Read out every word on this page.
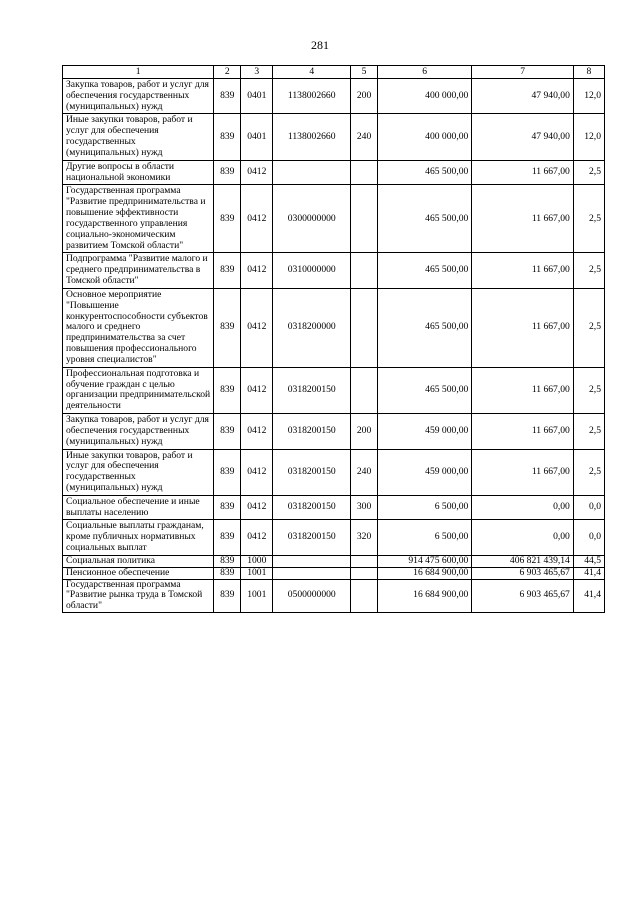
281
1	2	3	4	5	6	7	8
Закупка товаров, работ и услуг для обеспечения государственных (муниципальных) нужд	839	0401	1138002660	200	400 000,00	47 940,00	12,0
Иные закупки товаров, работ и услуг для обеспечения государственных (муниципальных) нужд	839	0401	1138002660	240	400 000,00	47 940,00	12,0
Другие вопросы в области национальной экономики	839	0412			465 500,00	11 667,00	2,5
Государственная программа "Развитие предпринимательства и повышение эффективности государственного управления социально-экономическим развитием Томской области"	839	0412	0300000000		465 500,00	11 667,00	2,5
Подпрограмма "Развитие малого и среднего предпринимательства в Томской области"	839	0412	0310000000		465 500,00	11 667,00	2,5
Основное мероприятие "Повышение конкурентоспособности субъектов малого и среднего предпринимательства за счет повышения профессионального уровня специалистов"	839	0412	0318200000		465 500,00	11 667,00	2,5
Профессиональная подготовка и обучение граждан с целью организации предпринимательской деятельности	839	0412	0318200150		465 500,00	11 667,00	2,5
Закупка товаров, работ и услуг для обеспечения государственных (муниципальных) нужд	839	0412	0318200150	200	459 000,00	11 667,00	2,5
Иные закупки товаров, работ и услуг для обеспечения государственных (муниципальных) нужд	839	0412	0318200150	240	459 000,00	11 667,00	2,5
Социальное обеспечение и иные выплаты населению	839	0412	0318200150	300	6 500,00	0,00	0,0
Социальные выплаты гражданам, кроме публичных нормативных социальных выплат	839	0412	0318200150	320	6 500,00	0,00	0,0
Социальная политика	839	1000			914 475 600,00	406 821 439,14	44,5
Пенсионное обеспечение	839	1001			16 684 900,00	6 903 465,67	41,4
Государственная программа "Развитие рынка труда в Томской области"	839	1001	0500000000		16 684 900,00	6 903 465,67	41,4
